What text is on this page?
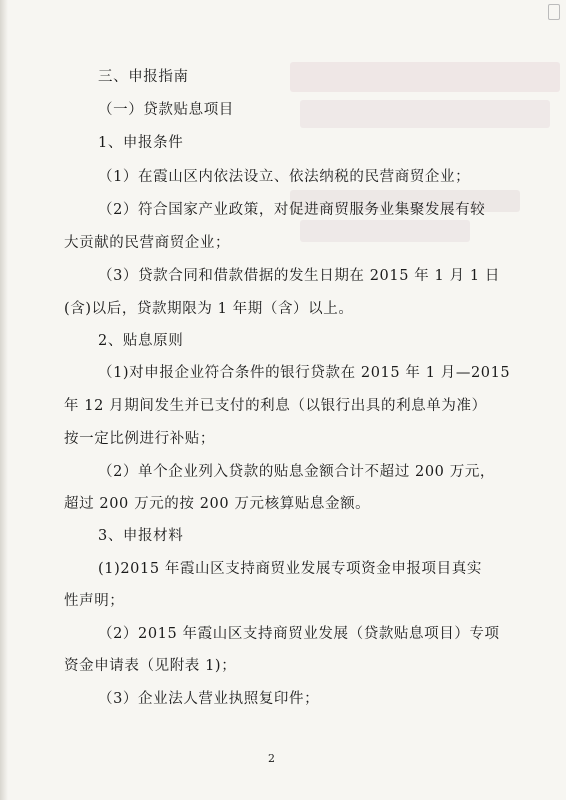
三、申报指南
（一）贷款贴息项目
1、申报条件
（1）在霞山区内依法设立、依法纳税的民营商贸企业；
（2）符合国家产业政策，对促进商贸服务业集聚发展有较
大贡献的民营商贸企业；
（3）贷款合同和借款借据的发生日期在 2015 年 1 月 1 日
(含)以后，贷款期限为 1 年期（含）以上。
2、贴息原则
（1)对申报企业符合条件的银行贷款在 2015 年 1 月—2015
年 12 月期间发生并已支付的利息（以银行出具的利息单为准）
按一定比例进行补贴；
（2）单个企业列入贷款的贴息金额合计不超过 200 万元，
超过 200 万元的按 200 万元核算贴息金额。
3、申报材料
(1)2015 年霞山区支持商贸业发展专项资金申报项目真实
性声明；
（2）2015 年霞山区支持商贸业发展（贷款贴息项目）专项
资金申请表（见附表 1)；
（3）企业法人营业执照复印件；
2
